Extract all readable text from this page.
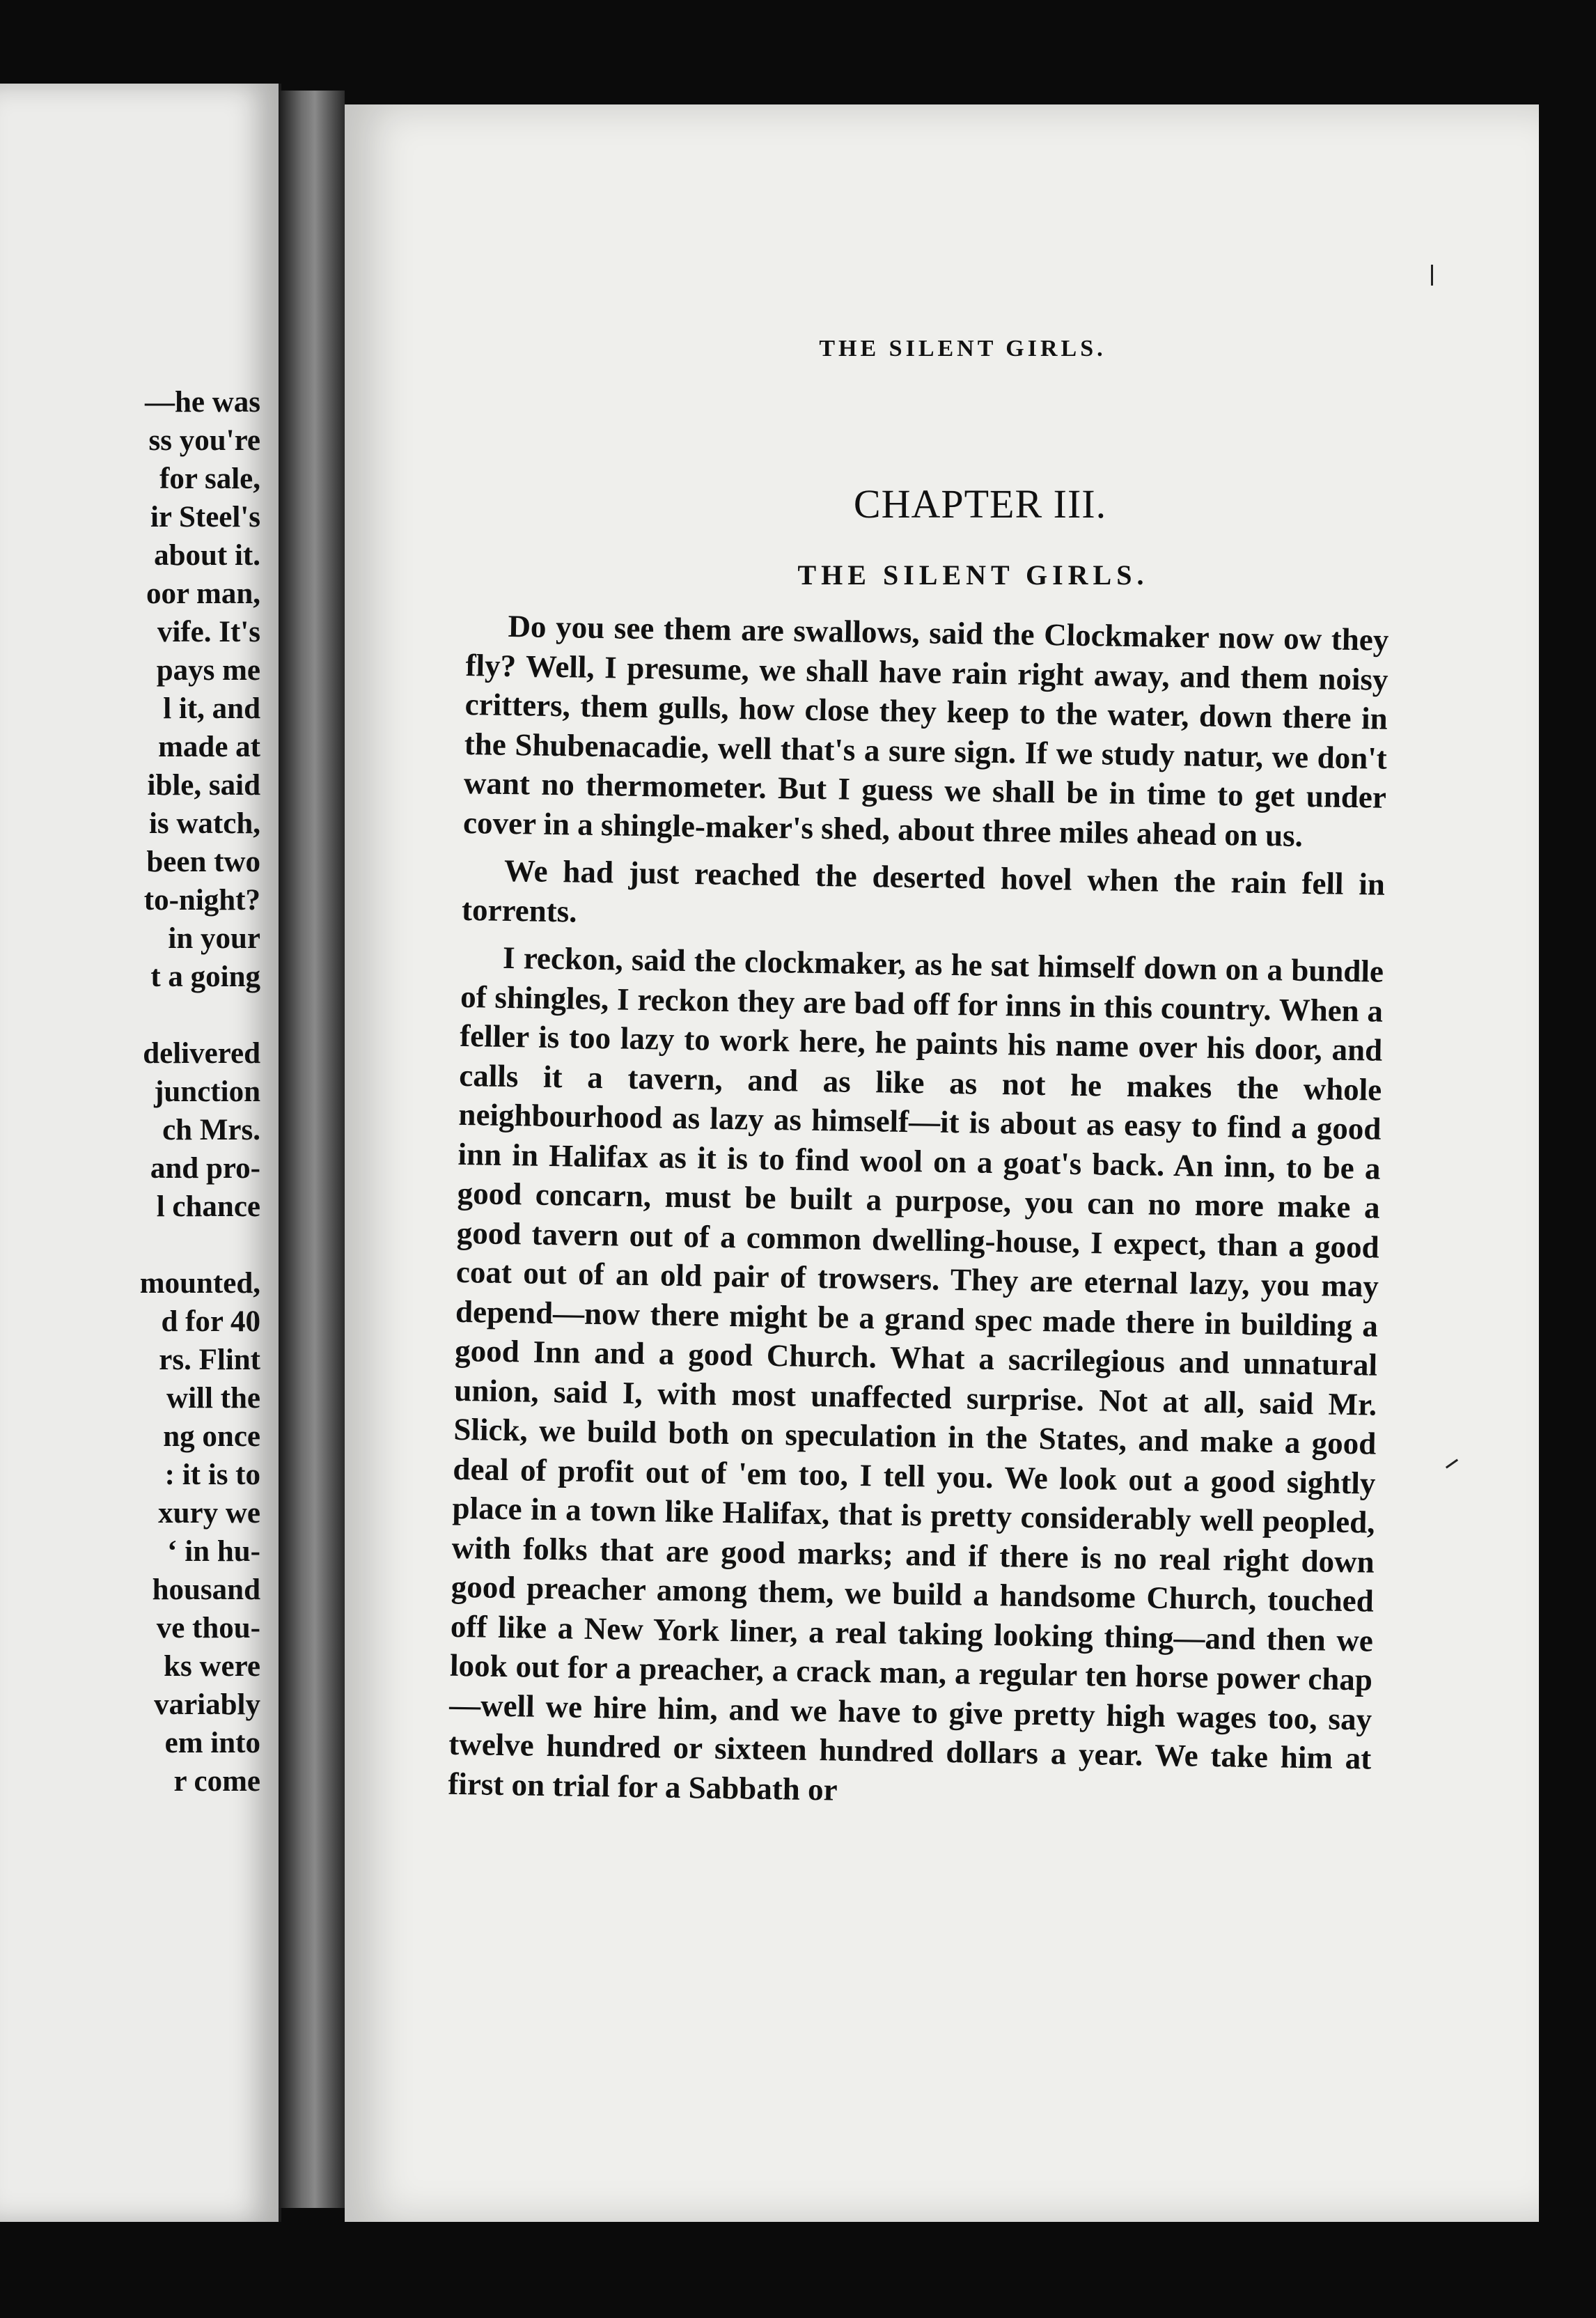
—he was
ss you're
for sale,
ir Steel's
about it.
oor man,
vife. It's
pays me
l it, and
made at
ible, said
is watch,
been two
to-night?
in your
t a going
delivered
junction
ch Mrs.
and pro-
l chance
mounted,
d for 40
rs. Flint
will the
ng once
: it is to
xury we
‘ in hu-
housand
ve thou-
ks were
variably
em into
r come
THE SILENT GIRLS.
CHAPTER III.
THE SILENT GIRLS.

Do you see them are swallows, said the Clockmaker now ow they fly? Well, I presume, we shall have rain right away, and them noisy critters, them gulls, how close they keep to the water, down there in the Shubenacadie, well that's a sure sign. If we study natur, we don't want no thermometer. But I guess we shall be in time to get under cover in a shingle-maker's shed, about three miles ahead on us.

We had just reached the deserted hovel when the rain fell in torrents.

I reckon, said the clockmaker, as he sat himself down on a bundle of shingles, I reckon they are bad off for inns in this country. When a feller is too lazy to work here, he paints his name over his door, and calls it a tavern, and as like as not he makes the whole neighbourhood as lazy as himself—it is about as easy to find a good inn in Halifax as it is to find wool on a goat's back. An inn, to be a good concarn, must be built a purpose, you can no more make a good tavern out of a common dwelling-house, I expect, than a good coat out of an old pair of trowsers. They are eternal lazy, you may depend—now there might be a grand spec made there in building a good Inn and a good Church. What a sacrilegious and unnatural union, said I, with most unaffected surprise. Not at all, said Mr. Slick, we build both on speculation in the States, and make a good deal of profit out of 'em too, I tell you. We look out a good sightly place in a town like Halifax, that is pretty considerably well peopled, with folks that are good marks; and if there is no real right down good preacher among them, we build a handsome Church, touched off like a New York liner, a real taking looking thing—and then we look out for a preacher, a crack man, a regular ten horse power chap—well we hire him, and we have to give pretty high wages too, say twelve hundred or sixteen hundred dollars a year. We take him at first on trial for a Sabbath or
